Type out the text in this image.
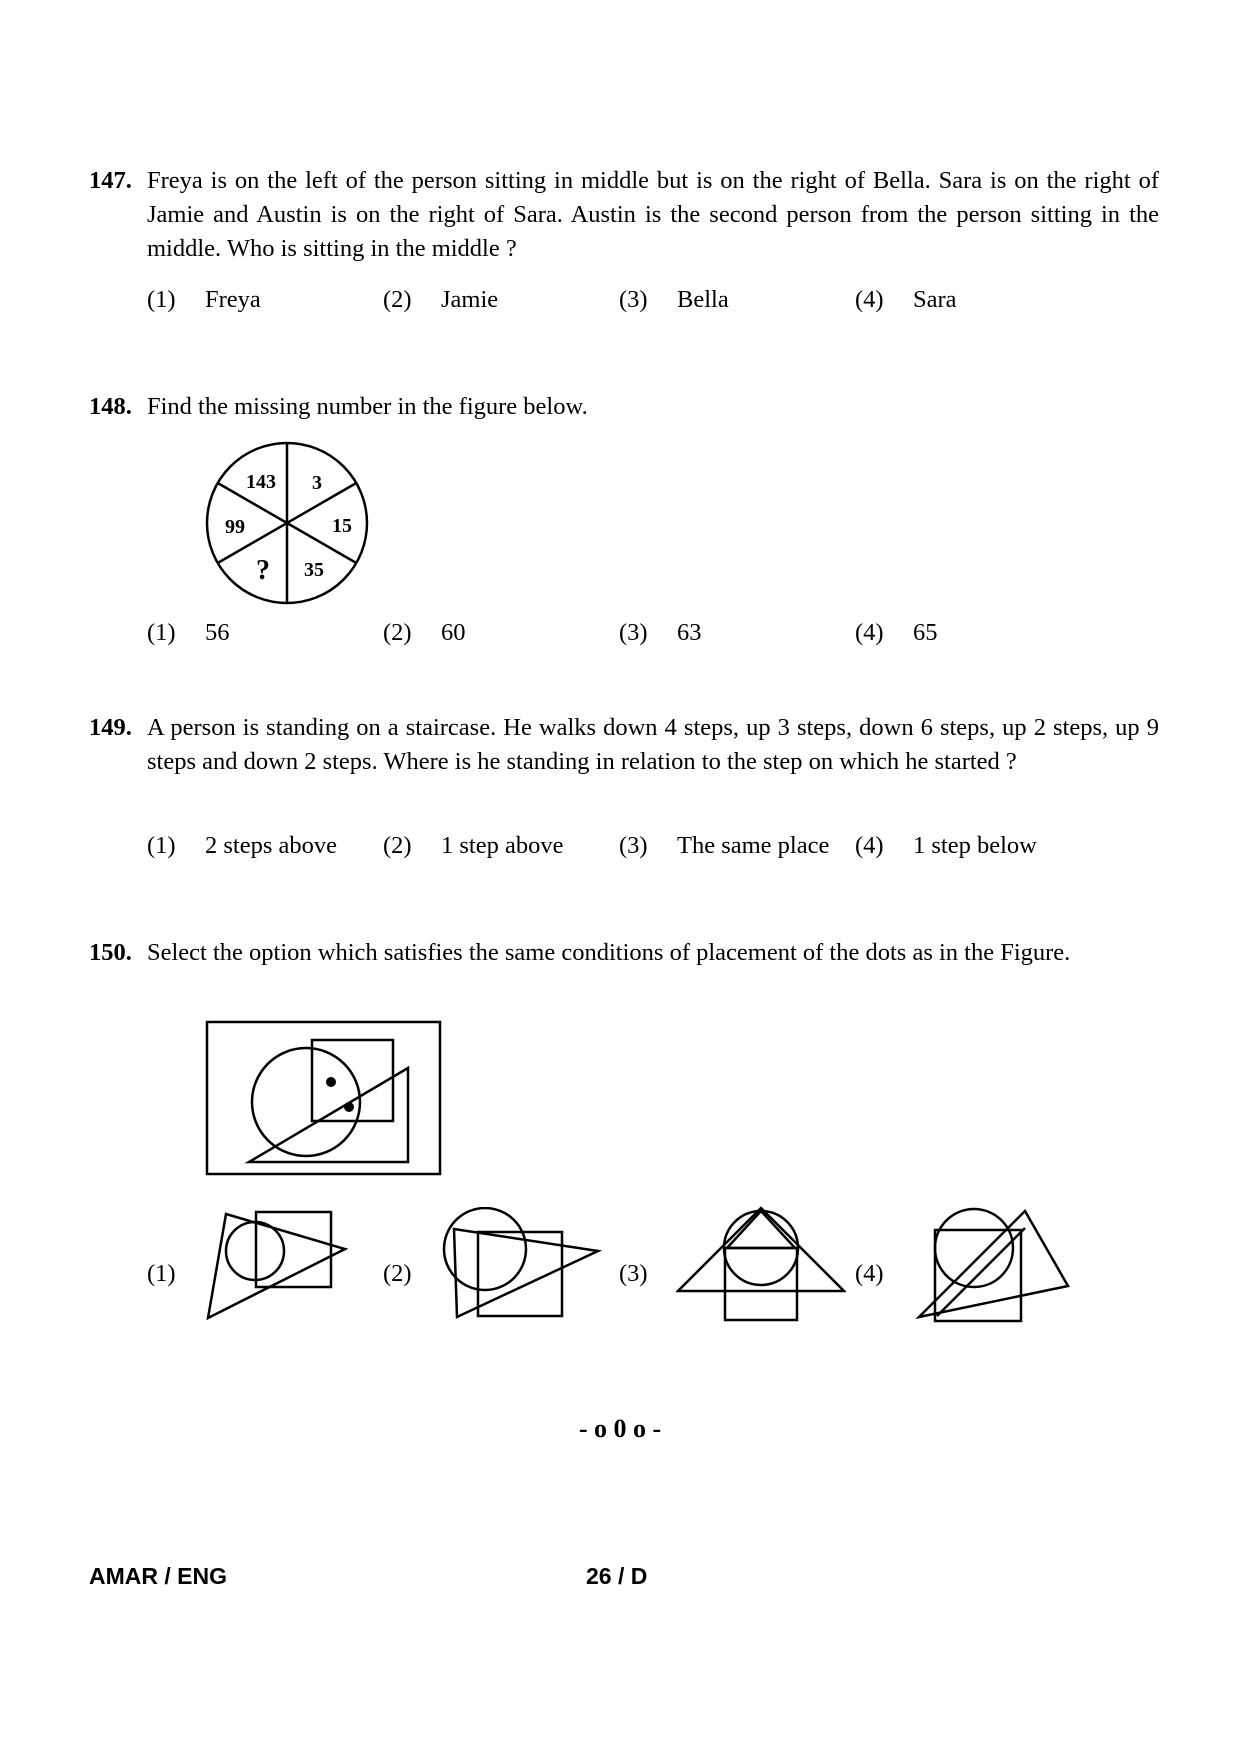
147. Freya is on the left of the person sitting in middle but is on the right of Bella. Sara is on the right of Jamie and Austin is on the right of Sara. Austin is the second person from the person sitting in the middle. Who is sitting in the middle ?
(1) Freya	(2) Jamie	(3) Bella	(4) Sara
148. Find the missing number in the figure below.
143 3
15
35
?
99
(1) 56	(2) 60	(3) 63	(4) 65
149. A person is standing on a staircase. He walks down 4 steps, up 3 steps, down 6 steps, up 2 steps, up 9 steps and down 2 steps. Where is he standing in relation to the step on which he started ?
(1) 2 steps above (2) 1 step above (3) The same place (4) 1 step below
150. Select the option which satisfies the same conditions of placement of the dots as in the Figure.
(1)	(2)	(3)	(4)
- o 0 o -
AMAR / ENG	26 / D
